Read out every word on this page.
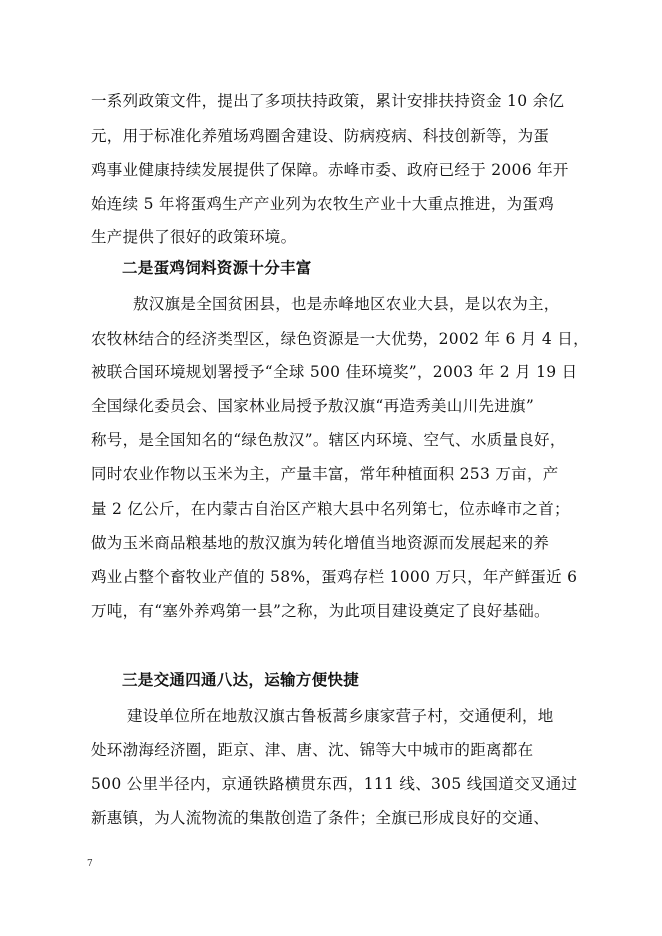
一系列政策文件，提出了多项扶持政策，累计安排扶持资金 10 余亿
元，用于标准化养殖场鸡圈舍建设、防病疫病、科技创新等，为蛋
鸡事业健康持续发展提供了保障。赤峰市委、政府已经于 2006 年开
始连续 5 年将蛋鸡生产产业列为农牧生产业十大重点推进，为蛋鸡
生产提供了很好的政策环境。
二是蛋鸡饲料资源十分丰富
敖汉旗是全国贫困县，也是赤峰地区农业大县，是以农为主，
农牧林结合的经济类型区，绿色资源是一大优势，2002 年 6 月 4 日，
被联合国环境规划署授予“全球 500 佳环境奖”，2003 年 2 月 19 日
全国绿化委员会、国家林业局授予敖汉旗“再造秀美山川先进旗”
称号，是全国知名的“绿色敖汉”。辖区内环境、空气、水质量良好，
同时农业作物以玉米为主，产量丰富，常年种植面积 253 万亩，产
量 2 亿公斤，在内蒙古自治区产粮大县中名列第七，位赤峰市之首；
做为玉米商品粮基地的敖汉旗为转化增值当地资源而发展起来的养
鸡业占整个畜牧业产值的 58%，蛋鸡存栏 1000 万只，年产鲜蛋近 6
万吨，有“塞外养鸡第一县”之称，为此项目建设奠定了良好基础。
三是交通四通八达，运输方便快捷
建设单位所在地敖汉旗古鲁板蒿乡康家营子村，交通便利，地
处环渤海经济圈，距京、津、唐、沈、锦等大中城市的距离都在
500 公里半径内，京通铁路横贯东西，111 线、305 线国道交叉通过
新惠镇，为人流物流的集散创造了条件；全旗已形成良好的交通、
7
